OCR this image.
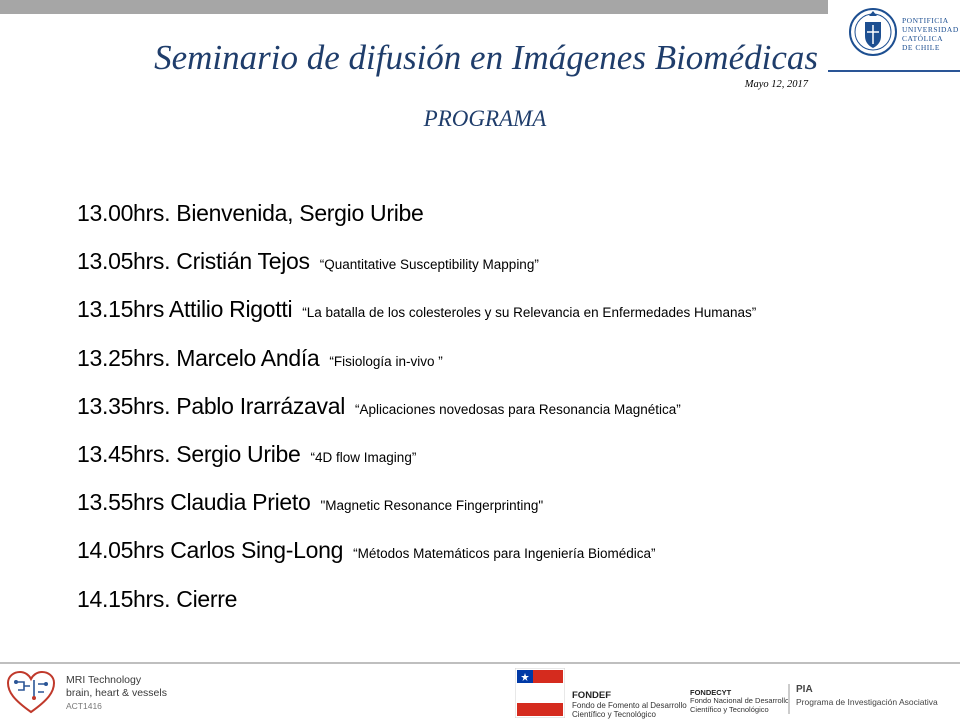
PONTIFICIA
UNIVERSIDAD
CATÓLICA
DE CHILE
Seminario de difusión en Imágenes Biomédicas
Mayo 12, 2017
PROGRAMA
13.00hrs. Bienvenida, Sergio Uribe
13.05hrs. Cristián Tejos “Quantitative Susceptibility Mapping”
13.15hrs Attilio Rigotti “La batalla de los colesteroles y su Relevancia en Enfermedades Humanas”
13.25hrs. Marcelo Andía “Fisiología in-vivo ”
13.35hrs. Pablo Irarrázaval “Aplicaciones novedosas para Resonancia Magnética”
13.45hrs. Sergio Uribe “4D flow Imaging”
13.55hrs Claudia Prieto "Magnetic Resonance Fingerprinting"
14.05hrs Carlos Sing-Long “Métodos Matemáticos para Ingeniería Biomédica”
14.15hrs. Cierre
MRI Technology
brain, heart & vessels
ACT1416
FONDEF
Fondo de Fomento al Desarrollo
Científico y Tecnológico
FONDECYT
Fondo Nacional de Desarrollo
Científico y Tecnológico
PIA
Programa de Investigación Asociativa
